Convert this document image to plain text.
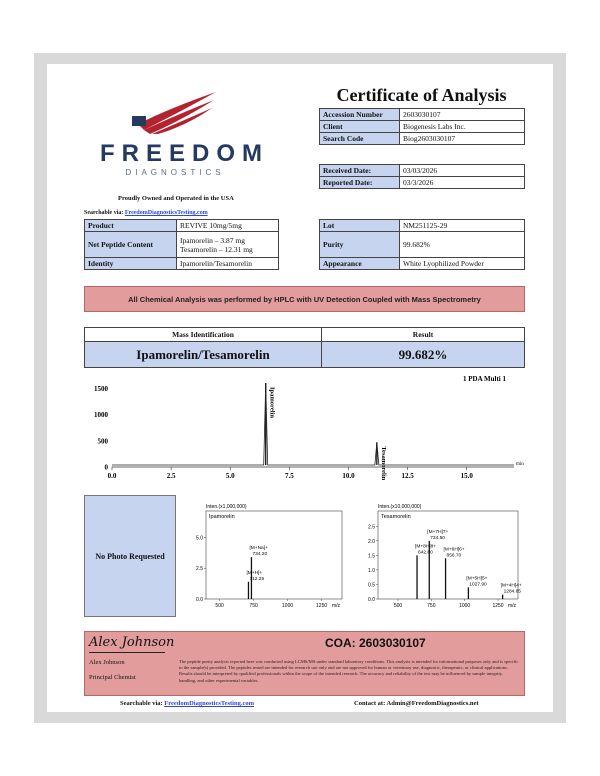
FREEDOM
DIAGNOSTICS
Proudly Owned and Operated in the USA
Searchable via: FreedomDiagnosticsTesting.com
Certificate of Analysis
Accession Number	2603030107
Client	Biogenesis Labs Inc.
Search Code	Biog2603030107
Received Date:	03/03/2026
Reported Date:	03/3/2026
Product	REVIVE 10mg/5mg
Net Peptide Content	Ipamorelin – 3.87 mg
Tesamorelin – 12.31 mg

Identity	Ipamorelin/Tesamorelin
Lot	NM251125-29
Purity	99.682%
Appearance	White Lyophilized Powder
All Chemical Analysis was performed by HPLC with UV Detection Coupled with Mass Spectrometry
Mass Identification	Result
Ipamorelin/Tesamorelin	99.682%
1 PDA Multi 1
min
0.0	2.5	5.0	7.5	10.0	12.5	15.0
0
500
1000
1500	Ipamorelin
Tesamorelin
No Photo Requested
Inten.(x1,000,000)
Ipamorelin
0.0
2.5
5.0
500	750	1000	1250 m/z
[M+Na]+
734.20
[M+H]+
712.25
Inten.(x10,000,000)
Tesamorelin
0.0
0.5
1.0
1.5
2.0
2.5
500	750	1000	1250 m/z
[M+7H]7+
734.50
[M+8H]8+
642.80
[M+6H]6+
856.70
[M+5H]5+
1027.90	[M+4H]4+
1284.65
Alex Johnson
Alex Johnson
Principal Chemist
COA: 2603030107
The peptide purity analysis reported here was conducted using LCMS/MS under standard laboratory conditions. This analysis is intended for informational purposes only and is specific to the sample(s) provided. The peptides tested are intended for research use only and are not approved for human or veterinary use, diagnostic, therapeutic, or clinical applications. Results should be interpreted by qualified professionals within the scope of the intended research. The accuracy and reliability of the test may be influenced by sample integrity, handling, and other experimental variables.
Searchable via: FreedomDiagnosticsTesting.com	Contact at: Admin@FreedomDiagnostics.net
